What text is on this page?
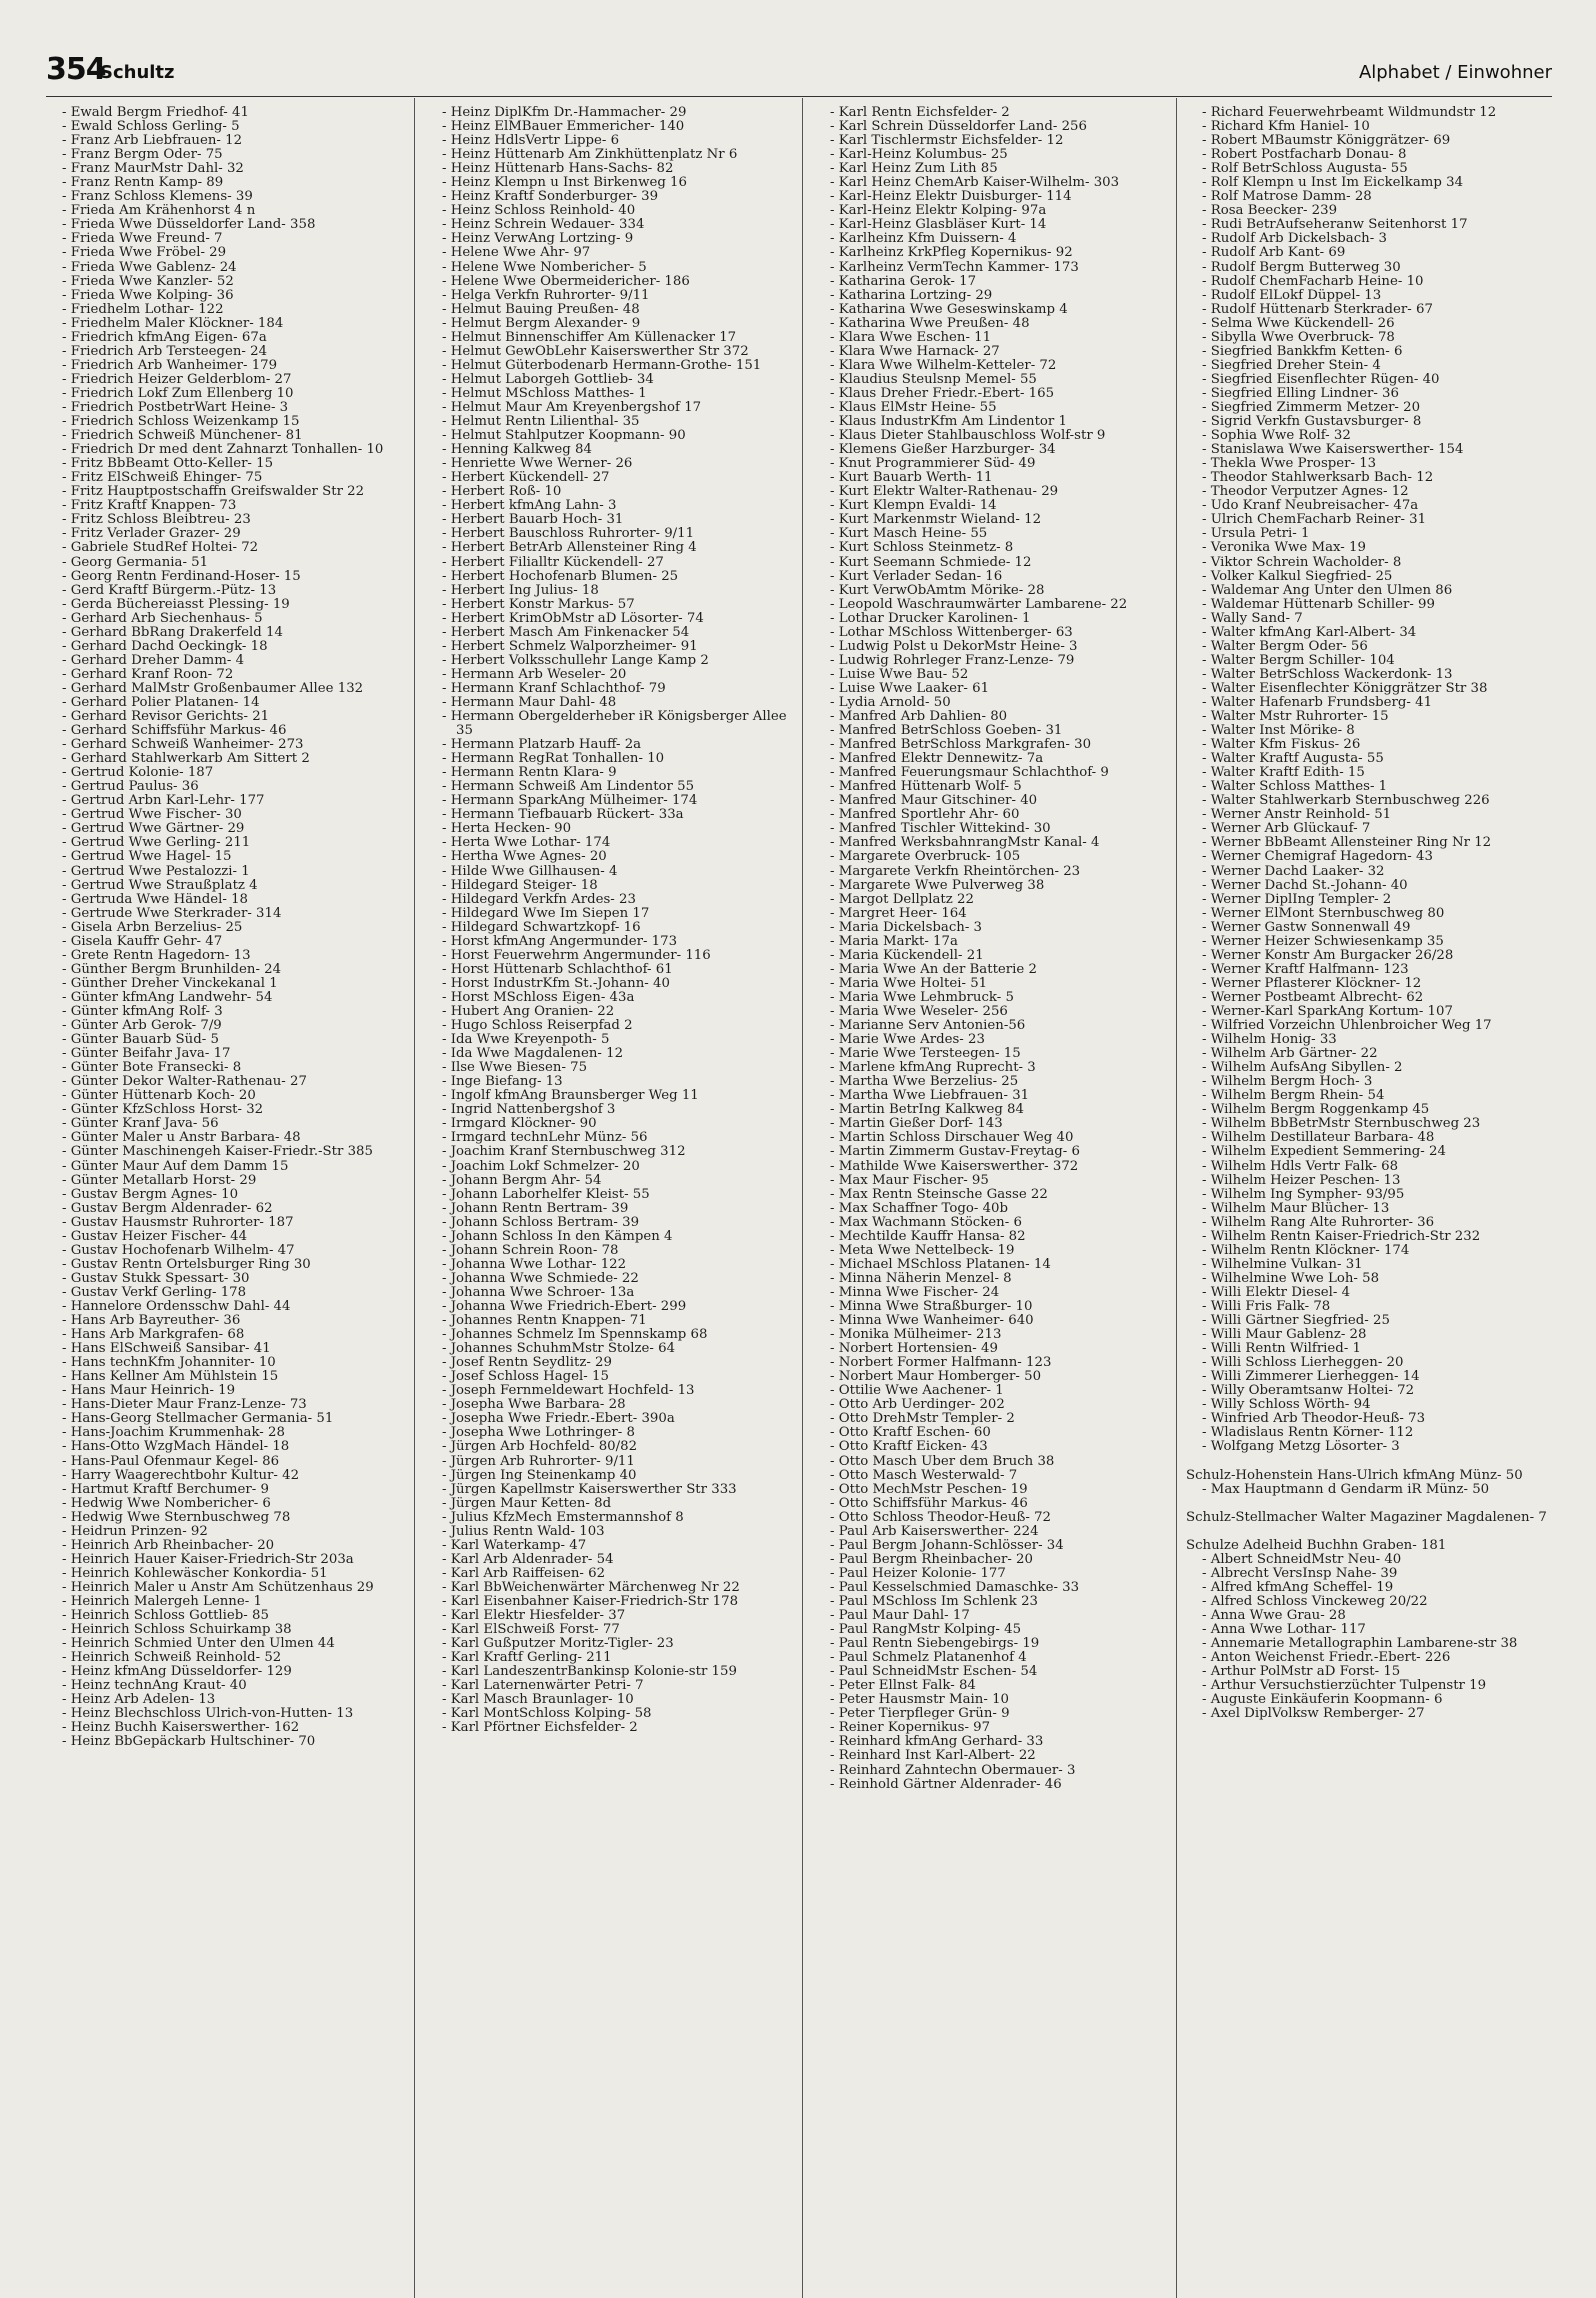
354
Schultz	Alphabet / Einwohner
- Ewald Bergm Friedhof- 41
- Ewald Schloss Gerling- 5
- Franz Arb Liebfrauen- 12
- Franz Bergm Oder- 75
- Franz MaurMstr Dahl- 32
- Franz Rentn Kamp- 89
- Franz Schloss Klemens- 39
- Frieda Am Krähenhorst 4 n
- Frieda Wwe Düsseldorfer Land- 358
- Frieda Wwe Freund- 7
- Frieda Wwe Fröbel- 29
- Frieda Wwe Gablenz- 24
- Frieda Wwe Kanzler- 52
- Frieda Wwe Kolping- 36
- Friedhelm Lothar- 122
- Friedhelm Maler Klöckner- 184
- Friedrich kfmAng Eigen- 67a
- Friedrich Arb Tersteegen- 24
- Friedrich Arb Wanheimer- 179
- Friedrich Heizer Gelderblom- 27
- Friedrich Lokf Zum Ellenberg 10
- Friedrich PostbetrWart Heine- 3
- Friedrich Schloss Weizenkamp 15
- Friedrich Schweiß Münchener- 81
- Friedrich Dr med dent Zahnarzt Tonhallen- 10
- Fritz BbBeamt Otto-Keller- 15
- Fritz ElSchweiß Ehinger- 75
- Fritz Hauptpostschaffn Greifswalder Str 22
- Fritz Kraftf Knappen- 73
- Fritz Schloss Bleibtreu- 23
- Fritz Verlader Grazer- 29
- Gabriele StudRef Holtei- 72
- Georg Germania- 51
- Georg Rentn Ferdinand-Hoser- 15
- Gerd Kraftf Bürgerm.-Pütz- 13
- Gerda Büchereiasst Plessing- 19
- Gerhard Arb Siechenhaus- 5
- Gerhard BbRang Drakerfeld 14
- Gerhard Dachd Oeckingk- 18
- Gerhard Dreher Damm- 4
- Gerhard Kranf Roon- 72
- Gerhard MalMstr Großenbaumer Allee 132
- Gerhard Polier Platanen- 14
- Gerhard Revisor Gerichts- 21
- Gerhard Schiffsführ Markus- 46
- Gerhard Schweiß Wanheimer- 273
- Gerhard Stahlwerkarb Am Sittert 2
- Gertrud Kolonie- 187
- Gertrud Paulus- 36
- Gertrud Arbn Karl-Lehr- 177
- Gertrud Wwe Fischer- 30
- Gertrud Wwe Gärtner- 29
- Gertrud Wwe Gerling- 211
- Gertrud Wwe Hagel- 15
- Gertrud Wwe Pestalozzi- 1
- Gertrud Wwe Straußplatz 4
- Gertruda Wwe Händel- 18
- Gertrude Wwe Sterkrader- 314
- Gisela Arbn Berzelius- 25
- Gisela Kauffr Gehr- 47
- Grete Rentn Hagedorn- 13
- Günther Bergm Brunhilden- 24
- Günther Dreher Vinckekanal 1
- Günter kfmAng Landwehr- 54
- Günter kfmAng Rolf- 3
- Günter Arb Gerok- 7/9
- Günter Bauarb Süd- 5
- Günter Beifahr Java- 17
- Günter Bote Fransecki- 8
- Günter Dekor Walter-Rathenau- 27
- Günter Hüttenarb Koch- 20
- Günter KfzSchloss Horst- 32
- Günter Kranf Java- 56
- Günter Maler u Anstr Barbara- 48
- Günter Maschinengeh Kaiser-Friedr.-Str 385
- Günter Maur Auf dem Damm 15
- Günter Metallarb Horst- 29
- Gustav Bergm Agnes- 10
- Gustav Bergm Aldenrader- 62
- Gustav Hausmstr Ruhrorter- 187
- Gustav Heizer Fischer- 44
- Gustav Hochofenarb Wilhelm- 47
- Gustav Rentn Ortelsburger Ring 30
- Gustav Stukk Spessart- 30
- Gustav Verkf Gerling- 178
- Hannelore Ordensschw Dahl- 44
- Hans Arb Bayreuther- 36
- Hans Arb Markgrafen- 68
- Hans ElSchweiß Sansibar- 41
- Hans technKfm Johanniter- 10
- Hans Kellner Am Mühlstein 15
- Hans Maur Heinrich- 19
- Hans-Dieter Maur Franz-Lenze- 73
- Hans-Georg Stellmacher Germania- 51
- Hans-Joachim Krummenhak- 28
- Hans-Otto WzgMach Händel- 18
- Hans-Paul Ofenmaur Kegel- 86
- Harry Waagerechtbohr Kultur- 42
- Hartmut Kraftf Berchumer- 9
- Hedwig Wwe Nombericher- 6
- Hedwig Wwe Sternbuschweg 78
- Heidrun Prinzen- 92
- Heinrich Arb Rheinbacher- 20
- Heinrich Hauer Kaiser-Friedrich-Str 203a
- Heinrich Kohlewäscher Konkordia- 51
- Heinrich Maler u Anstr Am Schützenhaus 29
- Heinrich Malergeh Lenne- 1
- Heinrich Schloss Gottlieb- 85
- Heinrich Schloss Schuirkamp 38
- Heinrich Schmied Unter den Ulmen 44
- Heinrich Schweiß Reinhold- 52
- Heinz kfmAng Düsseldorfer- 129
- Heinz technAng Kraut- 40
- Heinz Arb Adelen- 13
- Heinz Blechschloss Ulrich-von-Hutten- 13
- Heinz Buchh Kaiserswerther- 162
- Heinz BbGepäckarb Hultschiner- 70
- Heinz DiplKfm Dr.-Hammacher- 29
- Heinz ElMBauer Emmericher- 140
- Heinz HdlsVertr Lippe- 6
- Heinz Hüttenarb Am Zinkhüttenplatz Nr 6
- Heinz Hüttenarb Hans-Sachs- 82
- Heinz Klempn u Inst Birkenweg 16
- Heinz Kraftf Sonderburger- 39
- Heinz Schloss Reinhold- 40
- Heinz Schrein Wedauer- 334
- Heinz VerwAng Lortzing- 9
- Helene Wwe Ahr- 97
- Helene Wwe Nombericher- 5
- Helene Wwe Obermeidericher- 186
- Helga Verkfn Ruhrorter- 9/11
- Helmut Bauing Preußen- 48
- Helmut Bergm Alexander- 9
- Helmut Binnenschiffer Am Küllenacker 17
- Helmut GewObLehr Kaiserswerther Str 372
- Helmut Güterbodenarb Hermann-Grothe- 151
- Helmut Laborgeh Gottlieb- 34
- Helmut MSchloss Matthes- 1
- Helmut Maur Am Kreyenbergshof 17
- Helmut Rentn Lilienthal- 35
- Helmut Stahlputzer Koopmann- 90
- Henning Kalkweg 84
- Henriette Wwe Werner- 26
- Herbert Kückendell- 27
- Herbert Roß- 10
- Herbert kfmAng Lahn- 3
- Herbert Bauarb Hoch- 31
- Herbert Bauschloss Ruhrorter- 9/11
- Herbert BetrArb Allensteiner Ring 4
- Herbert Filialltr Kückendell- 27
- Herbert Hochofenarb Blumen- 25
- Herbert Ing Julius- 18
- Herbert Konstr Markus- 57
- Herbert KrimObMstr aD Lösorter- 74
- Herbert Masch Am Finkenacker 54
- Herbert Schmelz Walporzheimer- 91
- Herbert Volksschullehr Lange Kamp 2
- Hermann Arb Weseler- 20
- Hermann Kranf Schlachthof- 79
- Hermann Maur Dahl- 48
- Hermann Obergelderheber iR Königsberger Allee 35
- Hermann Platzarb Hauff- 2a
- Hermann RegRat Tonhallen- 10
- Hermann Rentn Klara- 9
- Hermann Schweiß Am Lindentor 55
- Hermann SparkAng Mülheimer- 174
- Hermann Tiefbauarb Rückert- 33a
- Herta Hecken- 90
- Herta Wwe Lothar- 174
- Hertha Wwe Agnes- 20
- Hilde Wwe Gillhausen- 4
- Hildegard Steiger- 18
- Hildegard Verkfn Ardes- 23
- Hildegard Wwe Im Siepen 17
- Hildegard Schwartzkopf- 16
- Horst kfmAng Angermunder- 173
- Horst Feuerwehrm Angermunder- 116
- Horst Hüttenarb Schlachthof- 61
- Horst IndustrKfm St.-Johann- 40
- Horst MSchloss Eigen- 43a
- Hubert Ang Oranien- 22
- Hugo Schloss Reiserpfad 2
- Ida Wwe Kreyenpoth- 5
- Ida Wwe Magdalenen- 12
- Ilse Wwe Biesen- 75
- Inge Biefang- 13
- Ingolf kfmAng Braunsberger Weg 11
- Ingrid Nattenbergshof 3
- Irmgard Klöckner- 90
- Irmgard technLehr Münz- 56
- Joachim Kranf Sternbuschweg 312
- Joachim Lokf Schmelzer- 20
- Johann Bergm Ahr- 54
- Johann Laborhelfer Kleist- 55
- Johann Rentn Bertram- 39
- Johann Schloss Bertram- 39
- Johann Schloss In den Kämpen 4
- Johann Schrein Roon- 78
- Johanna Wwe Lothar- 122
- Johanna Wwe Schmiede- 22
- Johanna Wwe Schroer- 13a
- Johanna Wwe Friedrich-Ebert- 299
- Johannes Rentn Knappen- 71
- Johannes Schmelz Im Spennskamp 68
- Johannes SchuhmMstr Stolze- 64
- Josef Rentn Seydlitz- 29
- Josef Schloss Hagel- 15
- Joseph Fernmeldewart Hochfeld- 13
- Josepha Wwe Barbara- 28
- Josepha Wwe Friedr.-Ebert- 390a
- Josepha Wwe Lothringer- 8
- Jürgen Arb Hochfeld- 80/82
- Jürgen Arb Ruhrorter- 9/11
- Jürgen Ing Steinenkamp 40
- Jürgen Kapellmstr Kaiserswerther Str 333
- Jürgen Maur Ketten- 8d
- Julius KfzMech Emstermannshof 8
- Julius Rentn Wald- 103
- Karl Waterkamp- 47
- Karl Arb Aldenrader- 54
- Karl Arb Raiffeisen- 62
- Karl BbWeichenwärter Märchenweg Nr 22
- Karl Eisenbahner Kaiser-Friedrich-Str 178
- Karl Elektr Hiesfelder- 37
- Karl ElSchweiß Forst- 77
- Karl Gußputzer Moritz-Tigler- 23
- Karl Kraftf Gerling- 211
- Karl LandeszentrBankinsp Kolonie-str 159
- Karl Laternenwärter Petri- 7
- Karl Masch Braunlager- 10
- Karl MontSchloss Kolping- 58
- Karl Pförtner Eichsfelder- 2
- Karl Rentn Eichsfelder- 2
- Karl Schrein Düsseldorfer Land- 256
- Karl Tischlermstr Eichsfelder- 12
- Karl-Heinz Kolumbus- 25
- Karl Heinz Zum Lith 85
- Karl Heinz ChemArb Kaiser-Wilhelm- 303
- Karl-Heinz Elektr Duisburger- 114
- Karl-Heinz Elektr Kolping- 97a
- Karl-Heinz Glasbläser Kurt- 14
- Karlheinz Kfm Duissern- 4
- Karlheinz KrkPfleg Kopernikus- 92
- Karlheinz VermTechn Kammer- 173
- Katharina Gerok- 17
- Katharina Lortzing- 29
- Katharina Wwe Geseswinskamp 4
- Katharina Wwe Preußen- 48
- Klara Wwe Eschen- 11
- Klara Wwe Harnack- 27
- Klara Wwe Wilhelm-Ketteler- 72
- Klaudius Steulsnp Memel- 55
- Klaus Dreher Friedr.-Ebert- 165
- Klaus ElMstr Heine- 55
- Klaus IndustrKfm Am Lindentor 1
- Klaus Dieter Stahlbauschloss Wolf-str 9
- Klemens Gießer Harzburger- 34
- Knut Programmierer Süd- 49
- Kurt Bauarb Werth- 11
- Kurt Elektr Walter-Rathenau- 29
- Kurt Klempn Evaldi- 14
- Kurt Markenmstr Wieland- 12
- Kurt Masch Heine- 55
- Kurt Schloss Steinmetz- 8
- Kurt Seemann Schmiede- 12
- Kurt Verlader Sedan- 16
- Kurt VerwObAmtm Mörike- 28
- Leopold Waschraumwärter Lambarene- 22
- Lothar Drucker Karolinen- 1
- Lothar MSchloss Wittenberger- 63
- Ludwig Polst u DekorMstr Heine- 3
- Ludwig Rohrleger Franz-Lenze- 79
- Luise Wwe Bau- 52
- Luise Wwe Laaker- 61
- Lydia Arnold- 50
- Manfred Arb Dahlien- 80
- Manfred BetrSchloss Goeben- 31
- Manfred BetrSchloss Markgrafen- 30
- Manfred Elektr Dennewitz- 7a
- Manfred Feuerungsmaur Schlachthof- 9
- Manfred Hüttenarb Wolf- 5
- Manfred Maur Gitschiner- 40
- Manfred Sportlehr Ahr- 60
- Manfred Tischler Wittekind- 30
- Manfred WerksbahnrangMstr Kanal- 4
- Margarete Overbruck- 105
- Margarete Verkfn Rheintörchen- 23
- Margarete Wwe Pulverweg 38
- Margot Dellplatz 22
- Margret Heer- 164
- Maria Dickelsbach- 3
- Maria Markt- 17a
- Maria Kückendell- 21
- Maria Wwe An der Batterie 2
- Maria Wwe Holtei- 51
- Maria Wwe Lehmbruck- 5
- Maria Wwe Weseler- 256
- Marianne Serv Antonien-56
- Marie Wwe Ardes- 23
- Marie Wwe Tersteegen- 15
- Marlene kfmAng Ruprecht- 3
- Martha Wwe Berzelius- 25
- Martha Wwe Liebfrauen- 31
- Martin BetrIng Kalkweg 84
- Martin Gießer Dorf- 143
- Martin Schloss Dirschauer Weg 40
- Martin Zimmerm Gustav-Freytag- 6
- Mathilde Wwe Kaiserswerther- 372
- Max Maur Fischer- 95
- Max Rentn Steinsche Gasse 22
- Max Schaffner Togo- 40b
- Max Wachmann Stöcken- 6
- Mechtilde Kauffr Hansa- 82
- Meta Wwe Nettelbeck- 19
- Michael MSchloss Platanen- 14
- Minna Näherin Menzel- 8
- Minna Wwe Fischer- 24
- Minna Wwe Straßburger- 10
- Minna Wwe Wanheimer- 640
- Monika Mülheimer- 213
- Norbert Hortensien- 49
- Norbert Former Halfmann- 123
- Norbert Maur Homberger- 50
- Ottilie Wwe Aachener- 1
- Otto Arb Uerdinger- 202
- Otto DrehMstr Templer- 2
- Otto Kraftf Eschen- 60
- Otto Kraftf Eicken- 43
- Otto Masch Über dem Bruch 38
- Otto Masch Westerwald- 7
- Otto MechMstr Peschen- 19
- Otto Schiffsführ Markus- 46
- Otto Schloss Theodor-Heuß- 72
- Paul Arb Kaiserswerther- 224
- Paul Bergm Johann-Schlösser- 34
- Paul Bergm Rheinbacher- 20
- Paul Heizer Kolonie- 177
- Paul Kesselschmied Damaschke- 33
- Paul MSchloss Im Schlenk 23
- Paul Maur Dahl- 17
- Paul RangMstr Kolping- 45
- Paul Rentn Siebengebirgs- 19
- Paul Schmelz Platanenhof 4
- Paul SchneidMstr Eschen- 54
- Peter Ellnst Falk- 84
- Peter Hausmstr Main- 10
- Peter Tierpfleger Grün- 9
- Reiner Kopernikus- 97
- Reinhard kfmAng Gerhard- 33
- Reinhard Inst Karl-Albert- 22
- Reinhard Zahntechn Obermauer- 3
- Reinhold Gärtner Aldenrader- 46
- Richard Feuerwehrbeamt Wildmundstr 12
- Richard Kfm Haniel- 10
- Robert MBaumstr Königgrätzer- 69
- Robert Postfacharb Donau- 8
- Rolf BetrSchloss Augusta- 55
- Rolf Klempn u Inst Im Eickelkamp 34
- Rolf Matrose Damm- 28
- Rosa Beecker- 239
- Rudi BetrAufseheranw Seitenhorst 17
- Rudolf Arb Dickelsbach- 3
- Rudolf Arb Kant- 69
- Rudolf Bergm Butterweg 30
- Rudolf ChemFacharb Heine- 10
- Rudolf ElLokf Düppel- 13
- Rudolf Hüttenarb Sterkrader- 67
- Selma Wwe Kückendell- 26
- Sibylla Wwe Overbruck- 78
- Siegfried Bankkfm Ketten- 6
- Siegfried Dreher Stein- 4
- Siegfried Eisenflechter Rügen- 40
- Siegfried Elling Lindner- 36
- Siegfried Zimmerm Metzer- 20
- Sigrid Verkfn Gustavsburger- 8
- Sophia Wwe Rolf- 32
- Stanislawa Wwe Kaiserswerther- 154
- Thekla Wwe Prosper- 13
- Theodor Stahlwerksarb Bach- 12
- Theodor Verputzer Agnes- 12
- Udo Kranf Neubreisacher- 47a
- Ulrich ChemFacharb Reiner- 31
- Ursula Petri- 1
- Veronika Wwe Max- 19
- Viktor Schrein Wacholder- 8
- Volker Kalkul Siegfried- 25
- Waldemar Ang Unter den Ulmen 86
- Waldemar Hüttenarb Schiller- 99
- Wally Sand- 7
- Walter kfmAng Karl-Albert- 34
- Walter Bergm Oder- 56
- Walter Bergm Schiller- 104
- Walter BetrSchloss Wackerdonk- 13
- Walter Eisenflechter Königgrätzer Str 38
- Walter Hafenarb Frundsberg- 41
- Walter Mstr Ruhrorter- 15
- Walter Inst Mörike- 8
- Walter Kfm Fiskus- 26
- Walter Kraftf Augusta- 55
- Walter Kraftf Edith- 15
- Walter Schloss Matthes- 1
- Walter Stahlwerkarb Sternbuschweg 226
- Werner Anstr Reinhold- 51
- Werner Arb Glückauf- 7
- Werner BbBeamt Allensteiner Ring Nr 12
- Werner Chemigraf Hagedorn- 43
- Werner Dachd Laaker- 32
- Werner Dachd St.-Johann- 40
- Werner DiplIng Templer- 2
- Werner ElMont Sternbuschweg 80
- Werner Gastw Sonnenwall 49
- Werner Heizer Schwiesenkamp 35
- Werner Konstr Am Burgacker 26/28
- Werner Kraftf Halfmann- 123
- Werner Pflasterer Klöckner- 12
- Werner Postbeamt Albrecht- 62
- Werner-Karl SparkAng Kortum- 107
- Wilfried Vorzeichn Uhlenbroicher Weg 17
- Wilhelm Honig- 33
- Wilhelm Arb Gärtner- 22
- Wilhelm AufsAng Sibyllen- 2
- Wilhelm Bergm Hoch- 3
- Wilhelm Bergm Rhein- 54
- Wilhelm Bergm Roggenkamp 45
- Wilhelm BbBetrMstr Sternbuschweg 23
- Wilhelm Destillateur Barbara- 48
- Wilhelm Expedient Semmering- 24
- Wilhelm Hdls Vertr Falk- 68
- Wilhelm Heizer Peschen- 13
- Wilhelm Ing Sympher- 93/95
- Wilhelm Maur Blücher- 13
- Wilhelm Rang Alte Ruhrorter- 36
- Wilhelm Rentn Kaiser-Friedrich-Str 232
- Wilhelm Rentn Klöckner- 174
- Wilhelmine Vulkan- 31
- Wilhelmine Wwe Loh- 58
- Willi Elektr Diesel- 4
- Willi Fris Falk- 78
- Willi Gärtner Siegfried- 25
- Willi Maur Gablenz- 28
- Willi Rentn Wilfried- 1
- Willi Schloss Lierheggen- 20
- Willi Zimmerer Lierheggen- 14
- Willy Oberamtsanw Holtei- 72
- Willy Schloss Wörth- 94
- Winfried Arb Theodor-Heuß- 73
- Wladislaus Rentn Körner- 112
- Wolfgang Metzg Lösorter- 3
Schulz-Hohenstein Hans-Ulrich kfmAng Münz- 50
- Max Hauptmann d Gendarm iR Münz- 50
Schulz-Stellmacher Walter Magaziner Magdalenen- 7
Schulze Adelheid Buchhn Graben- 181
- Albert SchneidMstr Neu- 40
- Albrecht VersInsp Nahe- 39
- Alfred kfmAng Scheffel- 19
- Alfred Schloss Vinckeweg 20/22
- Anna Wwe Grau- 28
- Anna Wwe Lothar- 117
- Annemarie Metallographin Lambarene-str 38
- Anton Weichenst Friedr.-Ebert- 226
- Arthur PolMstr aD Forst- 15
- Arthur Versuchstierzüchter Tulpenstr 19
- Auguste Einkäuferin Koopmann- 6
- Axel DiplVolksw Remberger- 27
